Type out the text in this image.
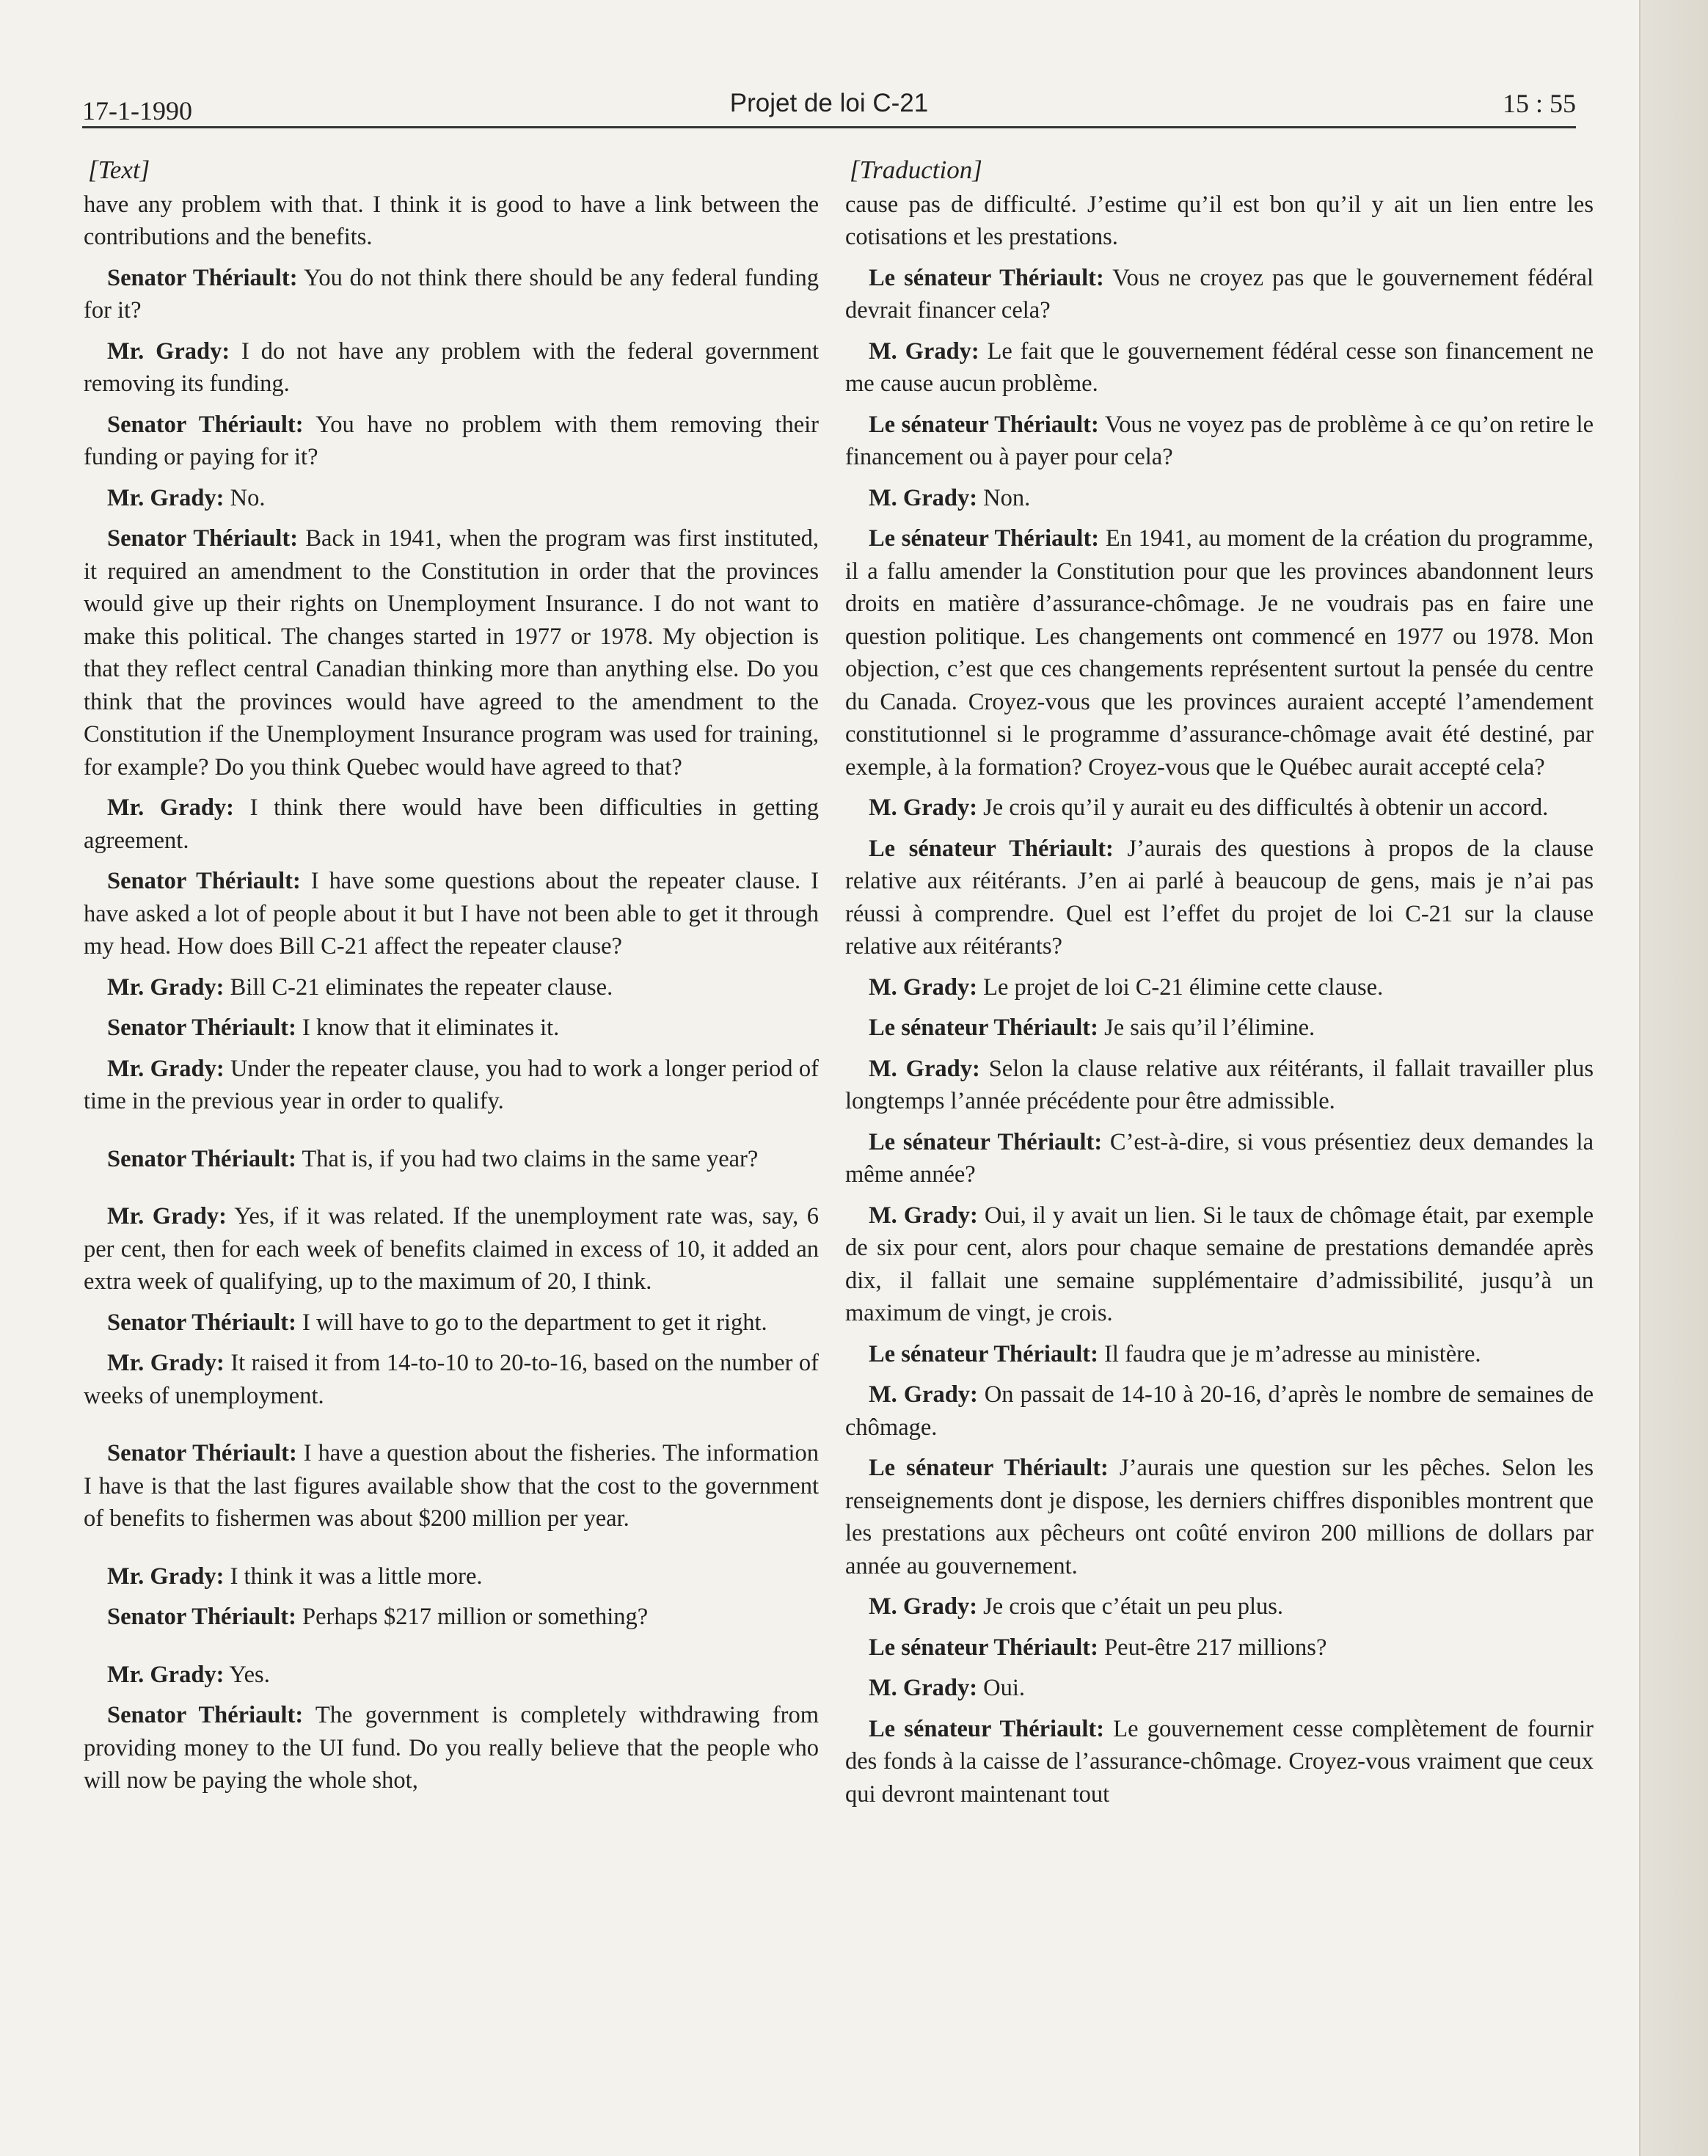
17-1-1990	Projet de loi C-21	15 : 55
[Text]

have any problem with that. I think it is good to have a link between the contributions and the benefits.

Senator Thériault: You do not think there should be any federal funding for it?

Mr. Grady: I do not have any problem with the federal government removing its funding.

Senator Thériault: You have no problem with them removing their funding or paying for it?

Mr. Grady: No.

Senator Thériault: Back in 1941, when the program was first instituted, it required an amendment to the Constitution in order that the provinces would give up their rights on Unemployment Insurance. I do not want to make this political. The changes started in 1977 or 1978. My objection is that they reflect central Canadian thinking more than anything else. Do you think that the provinces would have agreed to the amendment to the Constitution if the Unemployment Insurance program was used for training, for example? Do you think Quebec would have agreed to that?

Mr. Grady: I think there would have been difficulties in getting agreement.

Senator Thériault: I have some questions about the repeater clause. I have asked a lot of people about it but I have not been able to get it through my head. How does Bill C-21 affect the repeater clause?

Mr. Grady: Bill C-21 eliminates the repeater clause.

Senator Thériault: I know that it eliminates it.

Mr. Grady: Under the repeater clause, you had to work a longer period of time in the previous year in order to qualify.

Senator Thériault: That is, if you had two claims in the same year?

Mr. Grady: Yes, if it was related. If the unemployment rate was, say, 6 per cent, then for each week of benefits claimed in excess of 10, it added an extra week of qualifying, up to the maximum of 20, I think.

Senator Thériault: I will have to go to the department to get it right.

Mr. Grady: It raised it from 14-to-10 to 20-to-16, based on the number of weeks of unemployment.

Senator Thériault: I have a question about the fisheries. The information I have is that the last figures available show that the cost to the government of benefits to fishermen was about $200 million per year.

Mr. Grady: I think it was a little more.

Senator Thériault: Perhaps $217 million or something?

Mr. Grady: Yes.

Senator Thériault: The government is completely withdrawing from providing money to the UI fund. Do you really believe that the people who will now be paying the whole shot,

[Traduction]

cause pas de difficulté. J’estime qu’il est bon qu’il y ait un lien entre les cotisations et les prestations.

Le sénateur Thériault: Vous ne croyez pas que le gouvernement fédéral devrait financer cela?

M. Grady: Le fait que le gouvernement fédéral cesse son financement ne me cause aucun problème.

Le sénateur Thériault: Vous ne voyez pas de problème à ce qu’on retire le financement ou à payer pour cela?

M. Grady: Non.

Le sénateur Thériault: En 1941, au moment de la création du programme, il a fallu amender la Constitution pour que les provinces abandonnent leurs droits en matière d’assurance-chômage. Je ne voudrais pas en faire une question politique. Les changements ont commencé en 1977 ou 1978. Mon objection, c’est que ces changements représentent surtout la pensée du centre du Canada. Croyez-vous que les provinces auraient accepté l’amendement constitutionnel si le programme d’assurance-chômage avait été destiné, par exemple, à la formation? Croyez-vous que le Québec aurait accepté cela?

M. Grady: Je crois qu’il y aurait eu des difficultés à obtenir un accord.

Le sénateur Thériault: J’aurais des questions à propos de la clause relative aux réitérants. J’en ai parlé à beaucoup de gens, mais je n’ai pas réussi à comprendre. Quel est l’effet du projet de loi C-21 sur la clause relative aux réitérants?

M. Grady: Le projet de loi C-21 élimine cette clause.

Le sénateur Thériault: Je sais qu’il l’élimine.

M. Grady: Selon la clause relative aux réitérants, il fallait travailler plus longtemps l’année précédente pour être admissible.

Le sénateur Thériault: C’est-à-dire, si vous présentiez deux demandes la même année?

M. Grady: Oui, il y avait un lien. Si le taux de chômage était, par exemple de six pour cent, alors pour chaque semaine de prestations demandée après dix, il fallait une semaine supplémentaire d’admissibilité, jusqu’à un maximum de vingt, je crois.

Le sénateur Thériault: Il faudra que je m’adresse au ministère.

M. Grady: On passait de 14-10 à 20-16, d’après le nombre de semaines de chômage.

Le sénateur Thériault: J’aurais une question sur les pêches. Selon les renseignements dont je dispose, les derniers chiffres disponibles montrent que les prestations aux pêcheurs ont coûté environ 200 millions de dollars par année au gouvernement.

M. Grady: Je crois que c’était un peu plus.

Le sénateur Thériault: Peut-être 217 millions?

M. Grady: Oui.

Le sénateur Thériault: Le gouvernement cesse complètement de fournir des fonds à la caisse de l’assurance-chômage. Croyez-vous vraiment que ceux qui devront maintenant tout
